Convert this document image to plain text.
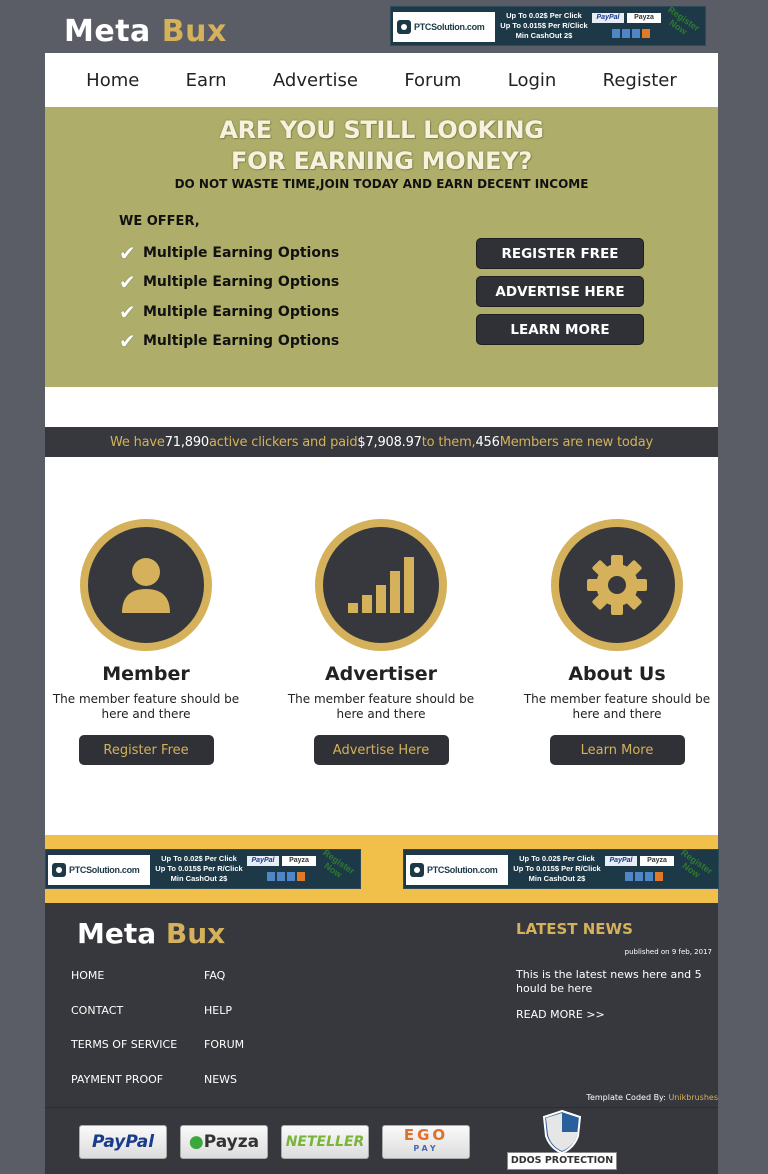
Meta Bux	PTCSolution.com
Up To 0.02$ Per Click
Up To 0.015$ Per R/Click
Min CashOut 2$
PayPal	Payza	Register Now
Home	Earn	Advertise	Forum	Login	Register
ARE YOU STILL LOOKING
FOR EARNING MONEY?
DO NOT WASTE TIME,JOIN TODAY AND EARN DECENT INCOME
WE OFFER,
✔ Multiple Earning Options
✔ Multiple Earning Options
✔ Multiple Earning Options
✔ Multiple Earning Options
REGISTER FREE
ADVERTISE HERE
LEARN MORE
We have 71,890 active clickers and paid $7,908.97 to them, 456 Members are new today
Member

The member feature should be here and there

Register Free
Advertiser

The member feature should be here and there

Advertise Here
About Us

The member feature should be here and there

Learn More
PTCSolution.com
Up To 0.02$ Per Click
Up To 0.015$ Per R/Click
Min CashOut 2$
PayPal	Payza	Register Now	PTCSolution.com
Up To 0.02$ Per Click
Up To 0.015$ Per R/Click
Min CashOut 2$
PayPal	Payza	Register Now
Meta Bux
HOME	FAQ
CONTACT	HELP
TERMS OF SERVICE	FORUM
PAYMENT PROOF	NEWS
LATEST NEWS
published on 9 feb, 2017
This is the latest news here and 5 hould be here
READ MORE >>
Template Coded By: Unikbrushes
PayPal	● Payza	NETELLER	EGO
PAY
DDOS PROTECTION
